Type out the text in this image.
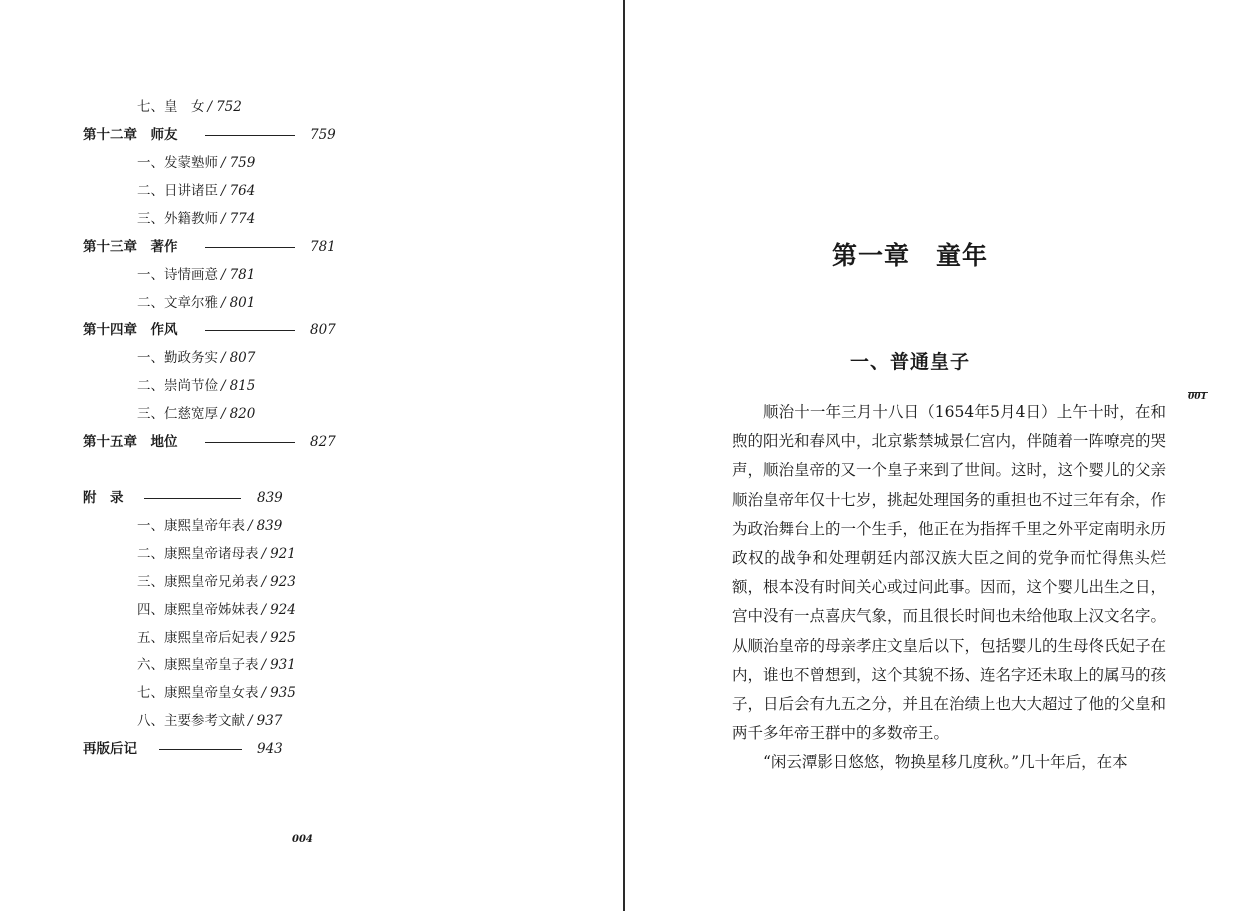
七、皇　女 / 752
第十二章　师友	759
一、发蒙塾师 / 759
二、日讲诸臣 / 764
三、外籍教师 / 774
第十三章　著作	781
一、诗情画意 / 781
二、文章尔雅 / 801
第十四章　作风	807
一、勤政务实 / 807
二、崇尚节俭 / 815
三、仁慈宽厚 / 820
第十五章　地位	827
附　录	839
一、康熙皇帝年表 / 839
二、康熙皇帝诸母表 / 921
三、康熙皇帝兄弟表 / 923
四、康熙皇帝姊妹表 / 924
五、康熙皇帝后妃表 / 925
六、康熙皇帝皇子表 / 931
七、康熙皇帝皇女表 / 935
八、主要参考文献 / 937
再版后记	943
004
第一章　童年
一、普通皇子
001

顺治十一年三月十八日（1654年5月4日）上午十时，在和煦的阳光和春风中，北京紫禁城景仁宫内，伴随着一阵嘹亮的哭声，顺治皇帝的又一个皇子来到了世间。这时，这个婴儿的父亲顺治皇帝年仅十七岁，挑起处理国务的重担也不过三年有余，作为政治舞台上的一个生手，他正在为指挥千里之外平定南明永历政权的战争和处理朝廷内部汉族大臣之间的党争而忙得焦头烂额，根本没有时间关心或过问此事。因而，这个婴儿出生之日，宫中没有一点喜庆气象，而且很长时间也未给他取上汉文名字。从顺治皇帝的母亲孝庄文皇后以下，包括婴儿的生母佟氏妃子在内，谁也不曾想到，这个其貌不扬、连名字还未取上的属马的孩子，日后会有九五之分，并且在治绩上也大大超过了他的父皇和两千多年帝王群中的多数帝王。

“闲云潭影日悠悠，物换星移几度秋。”几十年后，在本
